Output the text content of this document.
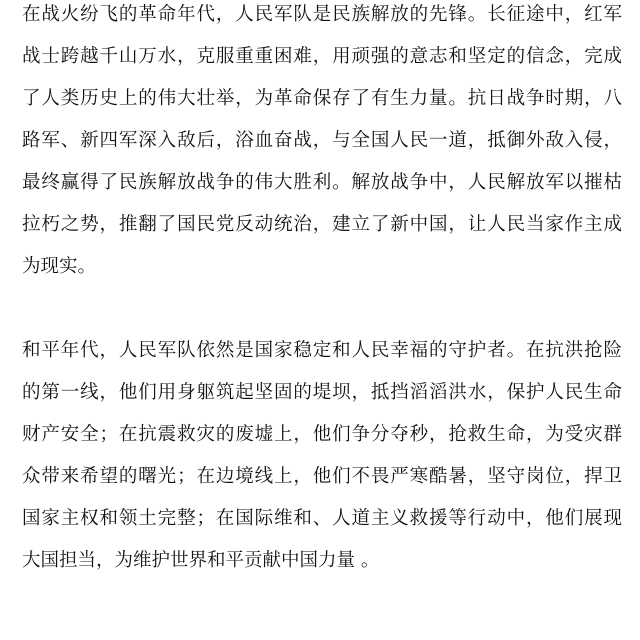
在战火纷飞的革命年代，人民军队是民族解放的先锋。长征途中，红军
战士跨越千山万水，克服重重困难，用顽强的意志和坚定的信念，完成
了人类历史上的伟大壮举，为革命保存了有生力量。抗日战争时期，八
路军、新四军深入敌后，浴血奋战，与全国人民一道，抵御外敌入侵，
最终赢得了民族解放战争的伟大胜利。解放战争中，人民解放军以摧枯
拉朽之势，推翻了国民党反动统治，建立了新中国，让人民当家作主成
为现实。
和平年代，人民军队依然是国家稳定和人民幸福的守护者。在抗洪抢险
的第一线，他们用身躯筑起坚固的堤坝，抵挡滔滔洪水，保护人民生命
财产安全；在抗震救灾的废墟上，他们争分夺秒，抢救生命，为受灾群
众带来希望的曙光；在边境线上，他们不畏严寒酷暑，坚守岗位，捍卫
国家主权和领土完整；在国际维和、人道主义救援等行动中，他们展现
大国担当，为维护世界和平贡献中国力量 。
